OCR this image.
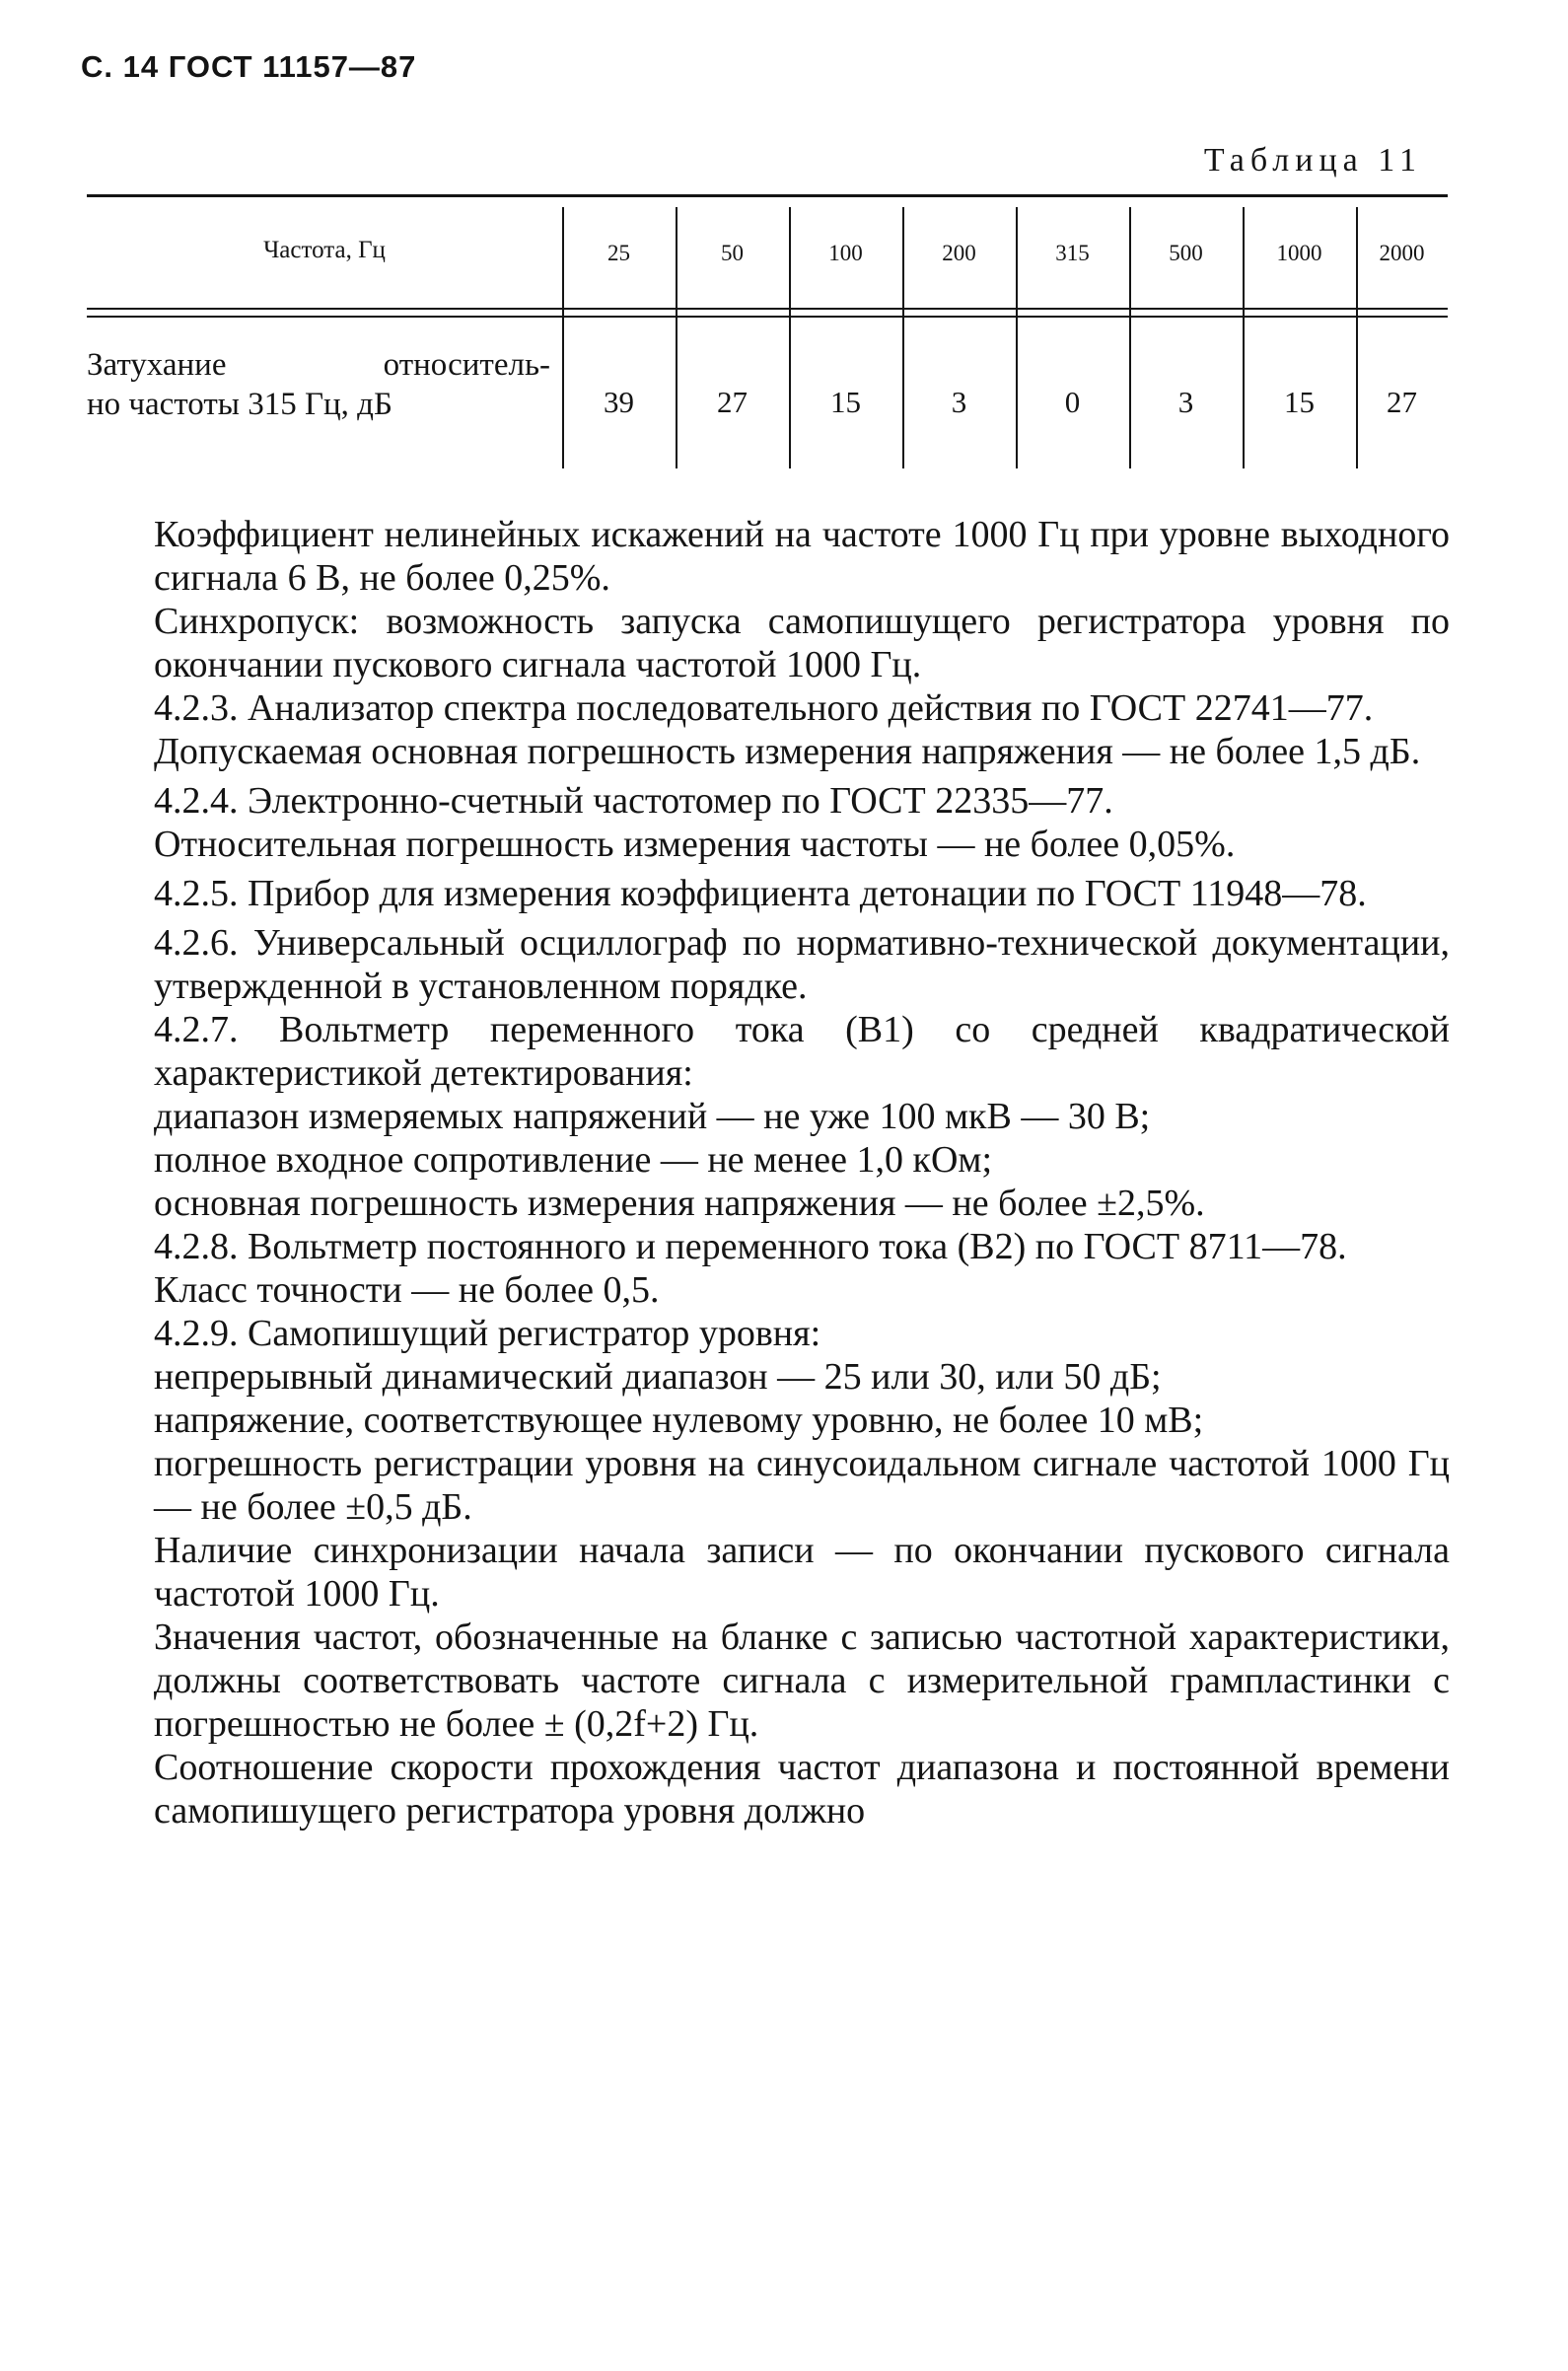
С. 14 ГОСТ 11157—87
Таблица 11
Частота, Гц
Затухание	относитель-
но частоты 315 Гц, дБ
25
39
50
27
100
15
200
3
315
0
500
3
1000
15
2000
27

Коэффициент нелинейных искажений на частоте 1000 Гц при уровне выходного сигнала 6 В, не более 0,25%.

Синхропуск: возможность запуска самопишущего регистратора уровня по окончании пускового сигнала частотой 1000 Гц.

4.2.3. Анализатор спектра последовательного действия по ГОСТ 22741—77.

Допускаемая основная погрешность измерения напряжения — не более 1,5 дБ.

4.2.4. Электронно-счетный частотомер по ГОСТ 22335—77.

Относительная погрешность измерения частоты — не более 0,05%.

4.2.5. Прибор для измерения коэффициента детонации по ГОСТ 11948—78.

4.2.6. Универсальный осциллограф по нормативно-технической документации, утвержденной в установленном порядке.

4.2.7. Вольтметр переменного тока (В1) со средней квадратической характеристикой детектирования:

диапазон измеряемых напряжений — не уже 100 мкВ — 30 В;

полное входное сопротивление — не менее 1,0 кОм;

основная погрешность измерения напряжения — не более ±2,5%.

4.2.8. Вольтметр постоянного и переменного тока (В2) по ГОСТ 8711—78.

Класс точности — не более 0,5.

4.2.9. Самопишущий регистратор уровня:

непрерывный динамический диапазон — 25 или 30, или 50 дБ;

напряжение, соответствующее нулевому уровню, не более 10 мВ;

погрешность регистрации уровня на синусоидальном сигнале частотой 1000 Гц — не более ±0,5 дБ.

Наличие синхронизации начала записи — по окончании пускового сигнала частотой 1000 Гц.

Значения частот, обозначенные на бланке с записью частотной характеристики, должны соответствовать частоте сигнала с измерительной грампластинки с погрешностью не более ± (0,2f+2) Гц.

Соотношение скорости прохождения частот диапазона и постоянной времени самопишущего регистратора уровня должно
